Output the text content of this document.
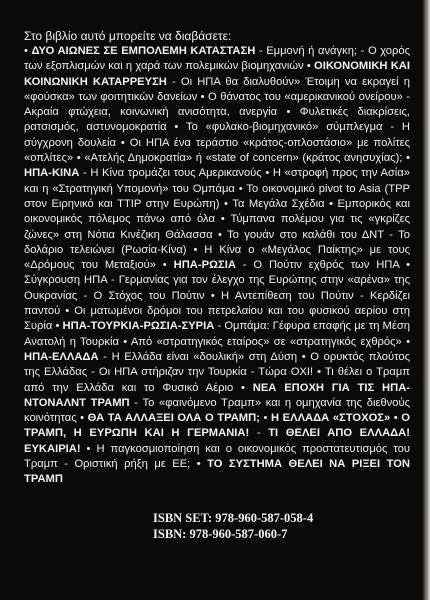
Στο βιβλίο αυτό μπορείτε να διαβάσετε:

• ΔΥΟ ΑΙΩΝΕΣ ΣΕ ΕΜΠΟΛΕΜΗ ΚΑΤΑΣΤΑΣΗ - Εμμονή ή ανάγκη; - Ο χορός των εξοπλισμών και η χαρά των πολεμικών βιομηχανιών • ΟΙΚΟΝΟΜΙΚΗ ΚΑΙ ΚΟΙΝΩΝΙΚΗ ΚΑΤΑΡΡΕΥΣΗ - Οι ΗΠΑ θα διαλυθούν» Έτοιμη να εκραγεί η «φούσκα» των φοιτητικών δανείων • Ο θάνατος του «αμερικανικού ονείρου» - Ακραία φτώχεια, κοινωνική ανισότητα, ανεργία • Φυλετικές διακρίσεις, ρατσισμός, αστυνομοκρατία • Το «φυλακο-βιομηχανικό» σύμπλεγμα - Η σύγχρονη δουλεία • Οι ΗΠΑ ένα τεράστιο «κράτος-οπλοστάσιο» με πολίτες «οπλίτες» • «Ατελής Δημοκρατία» ή «state of concern» (κράτος ανησυχίας); • ΗΠΑ-ΚΙΝΑ - Η Κίνα τρομάζει τους Αμερικανούς • Η «στροφή προς την Ασία» και η «Στρατηγική Υπομονή» του Ομπάμα • Το οικονομικό pivot to Asia (TPP στον Ειρηνικό και TTIP στην Ευρώπη) • Τα Μεγάλα Σχέδια • Εμπορικός και οικονομικός πόλεμος πάνω από όλα • Τύμπανα πολέμου για τις «γκρίζες ζώνες» στη Νότια Κινέζικη Θάλασσα • Το γουάν στο καλάθι του ΔΝΤ - Το δολάριο τελειώνει (Ρωσία-Κίνα) • Η Κίνα ο «Μεγάλος Παίκτης» με τους «Δρόμους του Μεταξιού» • ΗΠΑ-ΡΩΣΙΑ - Ο Πούτιν εχθρός των ΗΠΑ • Σύγκρουση ΗΠΑ - Γερμανίας για τον έλεγχο της Ευρώπης στην «αρένα» της Ουκρανίας - Ο Στόχος του Πούτιν • Η Αντεπίθεση του Πούτιν - Κερδίζει παντού • Οι ματωμένοι δρόμοι του πετρελαίου και του φυσικού αερίου στη Συρία • ΗΠΑ-ΤΟΥΡΚΙΑ-ΡΩΣΙΑ-ΣΥΡΙΑ - Ομπάμα: Γέφυρα επαφής με τη Μέση Ανατολή η Τουρκία • Από «στρατηγικός εταίρος» σε «στρατηγικός εχθρός» • ΗΠΑ-ΕΛΛΑΔΑ - Η Ελλάδα είναι «δουλική» στη Δύση • Ο ορυκτός πλούτος της Ελλάδας - Οι ΗΠΑ στήριζαν την Τουρκία - Τώρα ΟΧΙ! • Τι θέλει ο Τραμπ από την Ελλάδα και το Φυσικό Αέριο • ΝΕΑ ΕΠΟΧΗ ΓΙΑ ΤΙΣ ΗΠΑ-ΝΤΟΝΑΛΝΤ ΤΡΑΜΠ - Το «φαινόμενο Τραμπ» και η ομηχανία της διεθνούς κοινότητας • ΘΑ ΤΑ ΑΛΛΑΞΕΙ ΟΛΑ Ο ΤΡΑΜΠ; • Η ΕΛΛΑΔΑ «ΣΤΟΧΟΣ» • Ο ΤΡΑΜΠ, Η ΕΥΡΩΠΗ ΚΑΙ Η ΓΕΡΜΑΝΙΑ! - ΤΙ ΘΕΛΕΙ ΑΠΟ ΕΛΛΑΔΑ! ΕΥΚΑΙΡΙΑ! • Η παγκοσμιοποίηση και ο οικονομικός προστατευτισμός του Τραμπ - Οριστική ρήξη με ΕΕ; • ΤΟ ΣΥΣΤΗΜΑ ΘΕΛΕΙ ΝΑ ΡΙΞΕΙ ΤΟΝ ΤΡΑΜΠ

ISBN SET: 978-960-587-058-4
ISBN: 978-960-587-060-7
